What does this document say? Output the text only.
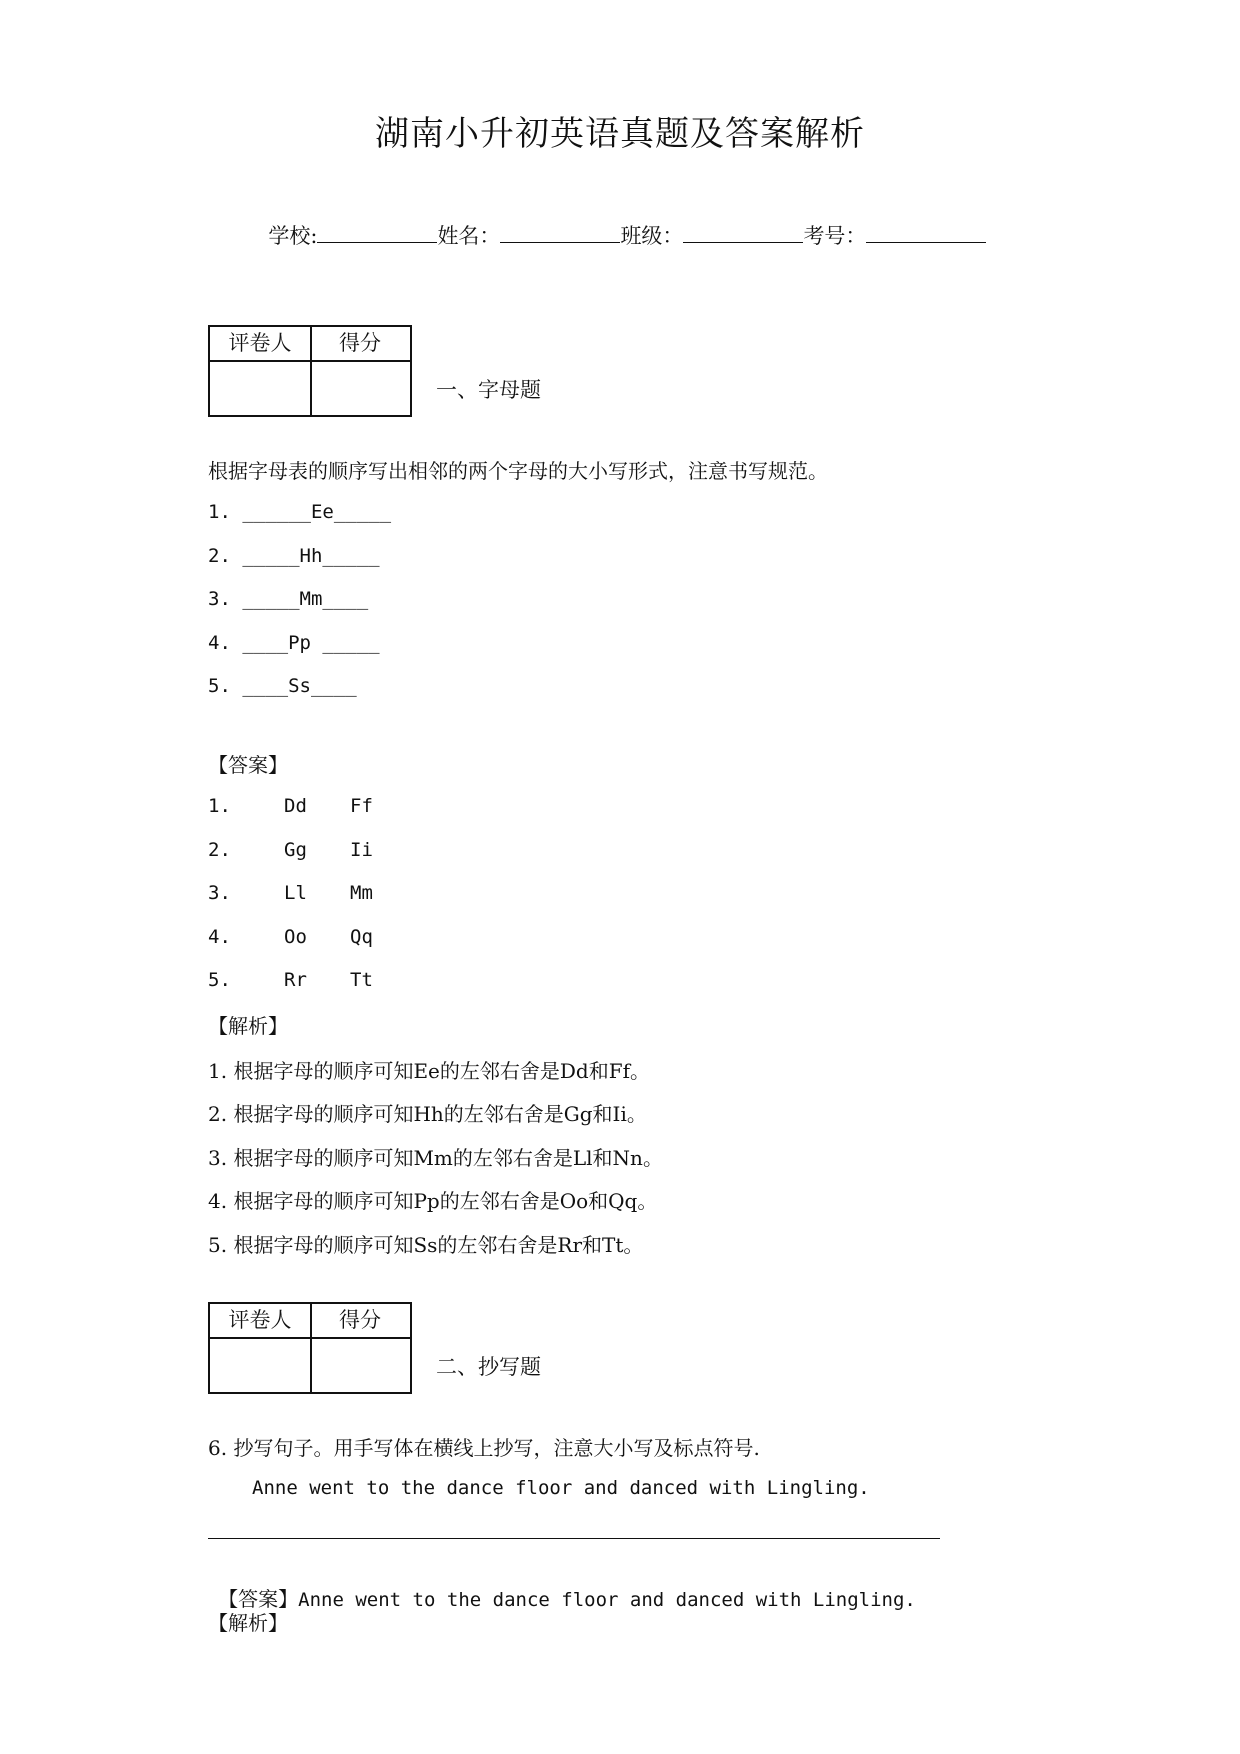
湖南小升初英语真题及答案解析

学校:	姓名：	班级：	考号：

评卷人	得分
一、字母题
根据字母表的顺序写出相邻的两个字母的大小写形式，注意书写规范。
1. ______Ee_____
2. _____Hh_____
3. _____Mm____
4. ____Pp _____
5. ____Ss____
【答案】
1.	Dd Ff
2.	Gg Ii
3.	Ll Mm
4.	Oo Qq
5.	Rr Tt
【解析】
1. 根据字母的顺序可知Ee的左邻右舍是Dd和Ff。
2. 根据字母的顺序可知Hh的左邻右舍是Gg和Ii。
3. 根据字母的顺序可知Mm的左邻右舍是Ll和Nn。
4. 根据字母的顺序可知Pp的左邻右舍是Oo和Qq。
5. 根据字母的顺序可知Ss的左邻右舍是Rr和Tt。
评卷人	得分
二、抄写题
6. 抄写句子。用手写体在横线上抄写，注意大小写及标点符号.
Anne went to the dance floor and danced with Lingling.

【答案】Anne went to the dance floor and danced with Lingling.

【解析】
